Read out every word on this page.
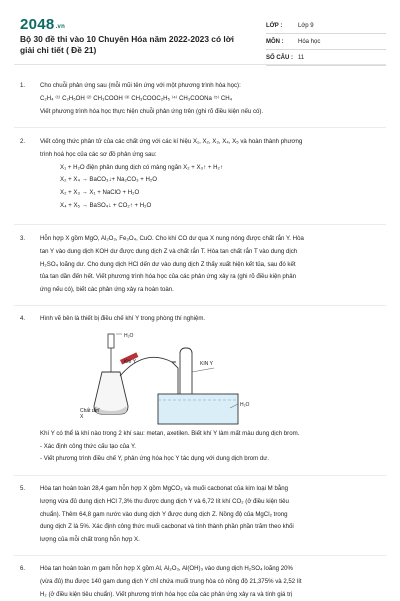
2048.vn
Bộ 30 đề thi vào 10 Chuyên Hóa năm 2022-2023 có lời giải chi tiết ( Đề 21)
LỚP :	Lớp 9
MÔN :	Hóa học
SỐ CÂU : 11
1. Cho chuỗi phản ứng sau (mỗi mũi tên ứng với một phương trình hóa học):

C₂H₄ ⁽¹⁾ C₂H₅OH ⁽²⁾ CH₃COOH ⁽³⁾ CH₃COOC₂H₅ ⁽⁴⁾ CH₃COONa ⁽⁵⁾ CH₄

Viết phương trình hóa học thực hiện chuỗi phản ứng trên (ghi rõ điều kiện nếu có).

2. Viết công thức phân tử của các chất ứng với các kí hiệu X₁, X₂, X₃, X₄, X₅ và hoàn thành phương

trình hoá học của các sơ đồ phản ứng sau:

X₁ + H₂O điện phân dung dịch có màng ngăn X₂ + X₃↑ + H₂↑

X₂ + X₄ → BaCO₃↓+ Na₂CO₃ + H₂O

X₂ + X₃ → X₁ + NaClO + H₂O

X₄ + X₅ → BaSO₄↓ + CO₂↑ + H₂O

3. Hỗn hợp X gồm MgO, Al₂O₃, Fe₃O₄, CuO. Cho khí CO dư qua X nung nóng được chất rắn Y. Hòa

tan Y vào dung dịch KOH dư được dung dịch Z và chất rắn T. Hòa tan chất rắn T vào dung dịch

H₂SO₄ loãng dư. Cho dung dịch HCl dến dư vào dung dịch Z thấy xuất hiện kết tủa, sau đó kết

tủa tan dần đến hết. Viết phương trình hóa học của các phản ứng xảy ra (ghi rõ điều kiện phản

ứng nếu có), biết các phản ứng xảy ra hoàn toàn.

4. Hình vẽ bên là thiết bị điều chế khí Y trong phòng thí nghiệm.

H₂O
Khí Y	KIN Y
Chất rắn X
H₂O

Khí Y có thể là khí nào trong 2 khí sau: metan, axetilen. Biết khí Y làm mất màu dung dịch brom.

- Xác định công thức cấu tạo của Y.

- Viết phương trình điều chế Y, phản ứng hóa học Y tác dụng với dung dịch brom dư.

5. Hòa tan hoàn toàn 28,4 gam hỗn hợp X gồm MgCO₃ và muối cacbonat của kim loại M bằng

lượng vừa đủ dung dịch HCl 7,3% thu được dung dịch Y và 6,72 lít khí CO₂ (ở điều kiện tiêu

chuẩn). Thêm 64,8 gam nước vào dung dịch Y được dung dịch Z. Nồng độ của MgCl₂ trong

dung dịch Z là 5%. Xác định công thức muối cacbonat và tính thành phần phần trăm theo khối

lượng của mỗi chất trong hỗn hợp X.

6. Hòa tan hoàn toàn m gam hỗn hợp X gồm Al, Al₂O₃, Al(OH)₃ vào dung dịch H₂SO₄ loãng 20%

(vừa đủ) thu được 140 gam dung dịch Y chỉ chứa muối trung hòa có nồng độ 21,375% và 2,52 lít

H₂ (ở điều kiện tiêu chuẩn). Viết phương trình hóa học của các phản ứng xảy ra và tính giá trị
